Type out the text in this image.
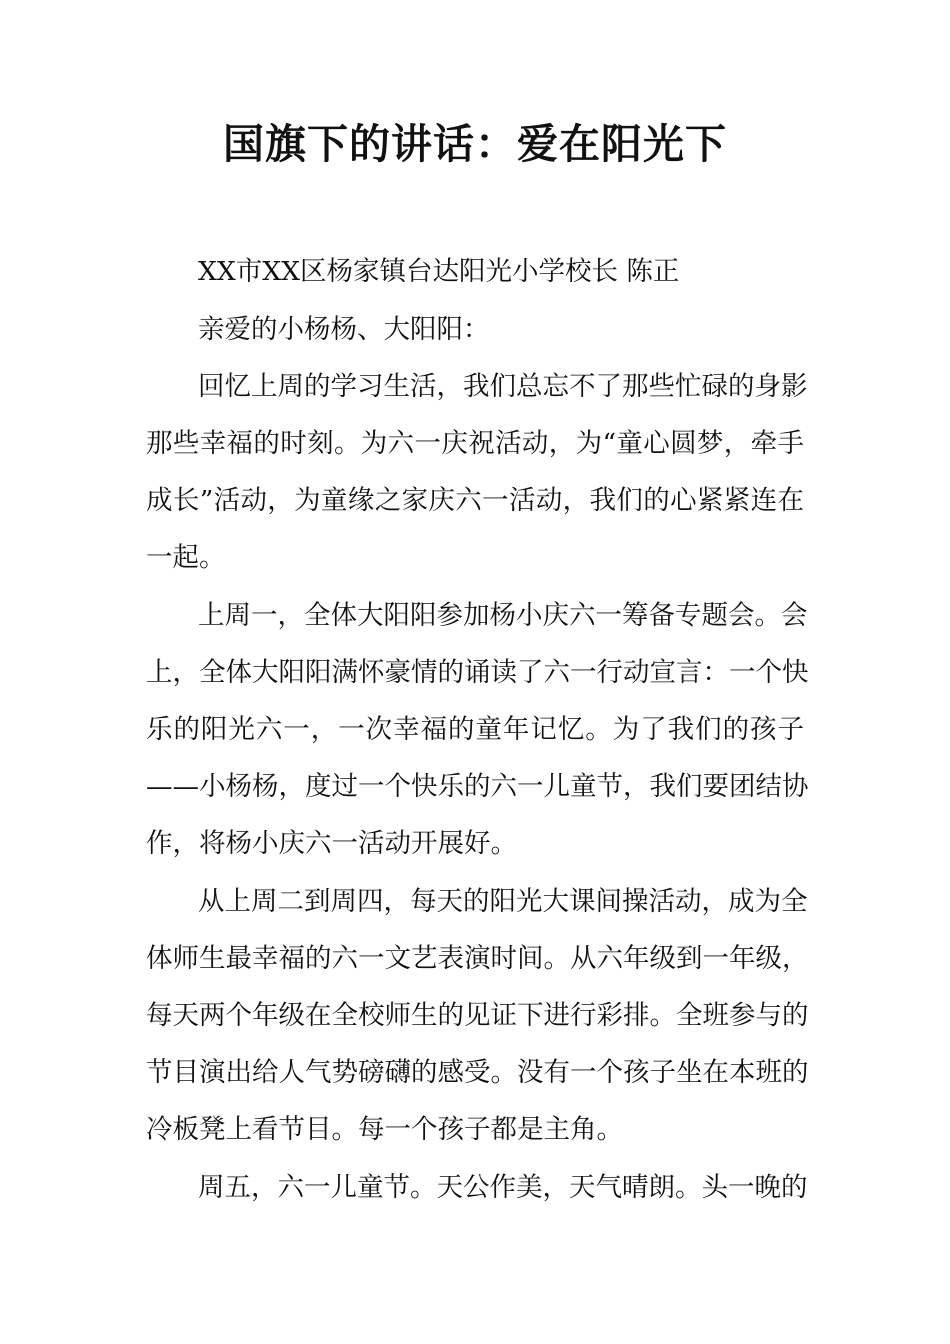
国旗下的讲话：爱在阳光下
XX市XX区杨家镇台达阳光小学校长 陈正
亲爱的小杨杨、大阳阳：
回忆上周的学习生活，我们总忘不了那些忙碌的身影
那些幸福的时刻。为六一庆祝活动，为“童心圆梦，牵手
成长”活动，为童缘之家庆六一活动，我们的心紧紧连在
一起。
上周一，全体大阳阳参加杨小庆六一筹备专题会。会
上，全体大阳阳满怀豪情的诵读了六一行动宣言：一个快
乐的阳光六一，一次幸福的童年记忆。为了我们的孩子
——小杨杨，度过一个快乐的六一儿童节，我们要团结协
作，将杨小庆六一活动开展好。
从上周二到周四，每天的阳光大课间操活动，成为全
体师生最幸福的六一文艺表演时间。从六年级到一年级，
每天两个年级在全校师生的见证下进行彩排。全班参与的
节目演出给人气势磅礴的感受。没有一个孩子坐在本班的
冷板凳上看节目。每一个孩子都是主角。
周五，六一儿童节。天公作美，天气晴朗。头一晚的
